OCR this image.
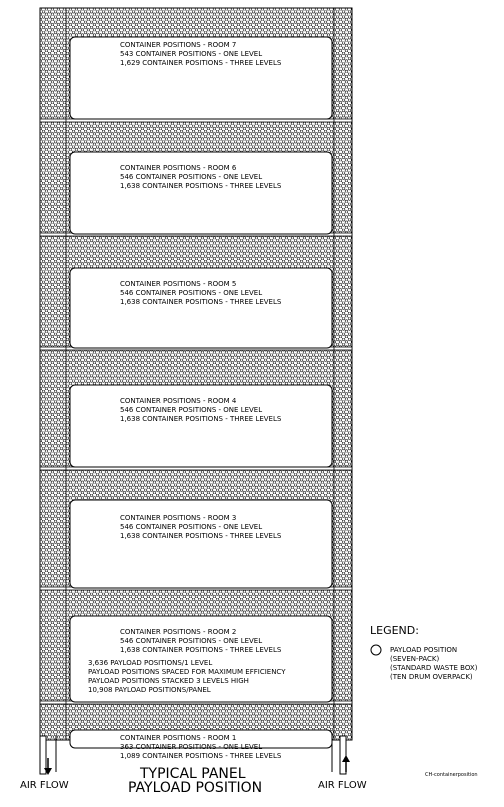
CONTAINER POSITIONS - ROOM 7
543 CONTAINER POSITIONS - ONE LEVEL
1,629 CONTAINER POSITIONS - THREE LEVELS
CONTAINER POSITIONS - ROOM 6
546 CONTAINER POSITIONS - ONE LEVEL
1,638 CONTAINER POSITIONS - THREE LEVELS
CONTAINER POSITIONS - ROOM 5
546 CONTAINER POSITIONS - ONE LEVEL
1,638 CONTAINER POSITIONS - THREE LEVELS
CONTAINER POSITIONS - ROOM 4
546 CONTAINER POSITIONS - ONE LEVEL
1,638 CONTAINER POSITIONS - THREE LEVELS
CONTAINER POSITIONS - ROOM 3
546 CONTAINER POSITIONS - ONE LEVEL
1,638 CONTAINER POSITIONS - THREE LEVELS
CONTAINER POSITIONS - ROOM 2
546 CONTAINER POSITIONS - ONE LEVEL
1,638 CONTAINER POSITIONS - THREE LEVELS
CONTAINER POSITIONS - ROOM 1
363 CONTAINER POSITIONS - ONE LEVEL
1,089 CONTAINER POSITIONS - THREE LEVELS
AIR FLOW	AIR FLOW
TYPICAL PANEL
PAYLOAD POSITION
3,636 PAYLOAD POSITIONS/1 LEVEL
PAYLOAD POSITIONS SPACED FOR MAXIMUM EFFICIENCY
PAYLOAD POSITIONS STACKED 3 LEVELS HIGH
10,908 PAYLOAD POSITIONS/PANEL
LEGEND:
PAYLOAD POSITION
(SEVEN-PACK)
(STANDARD WASTE BOX)
(TEN DRUM OVERPACK)
CH-containerposition
